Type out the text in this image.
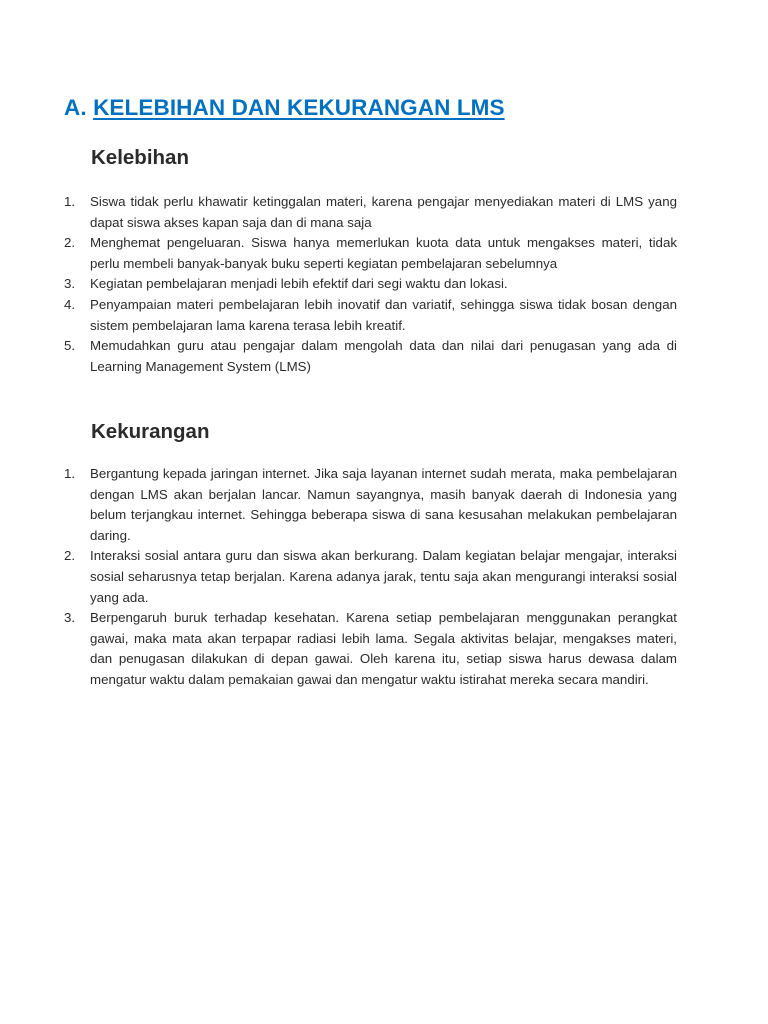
A. KELEBIHAN DAN KEKURANGAN LMS
Kelebihan
1.	Siswa tidak perlu khawatir ketinggalan materi, karena pengajar menyediakan materi di LMS yang dapat siswa akses kapan saja dan di mana saja
2.	Menghemat pengeluaran. Siswa hanya memerlukan kuota data untuk mengakses materi, tidak perlu membeli banyak-banyak buku seperti kegiatan pembelajaran sebelumnya
3.	Kegiatan pembelajaran menjadi lebih efektif dari segi waktu dan lokasi.
4.	Penyampaian materi pembelajaran lebih inovatif dan variatif, sehingga siswa tidak bosan dengan sistem pembelajaran lama karena terasa lebih kreatif.
5.	Memudahkan guru atau pengajar dalam mengolah data dan nilai dari penugasan yang ada di Learning Management System (LMS)
Kekurangan
1.	Bergantung kepada jaringan internet. Jika saja layanan internet sudah merata, maka pembelajaran dengan LMS akan berjalan lancar. Namun sayangnya, masih banyak daerah di Indonesia yang belum terjangkau internet. Sehingga beberapa siswa di sana kesusahan melakukan pembelajaran daring.
2.	Interaksi sosial antara guru dan siswa akan berkurang. Dalam kegiatan belajar mengajar, interaksi sosial seharusnya tetap berjalan. Karena adanya jarak, tentu saja akan mengurangi interaksi sosial yang ada.
3.	Berpengaruh buruk terhadap kesehatan. Karena setiap pembelajaran menggunakan perangkat gawai, maka mata akan terpapar radiasi lebih lama. Segala aktivitas belajar, mengakses materi, dan penugasan dilakukan di depan gawai. Oleh karena itu, setiap siswa harus dewasa dalam mengatur waktu dalam pemakaian gawai dan mengatur waktu istirahat mereka secara mandiri.
